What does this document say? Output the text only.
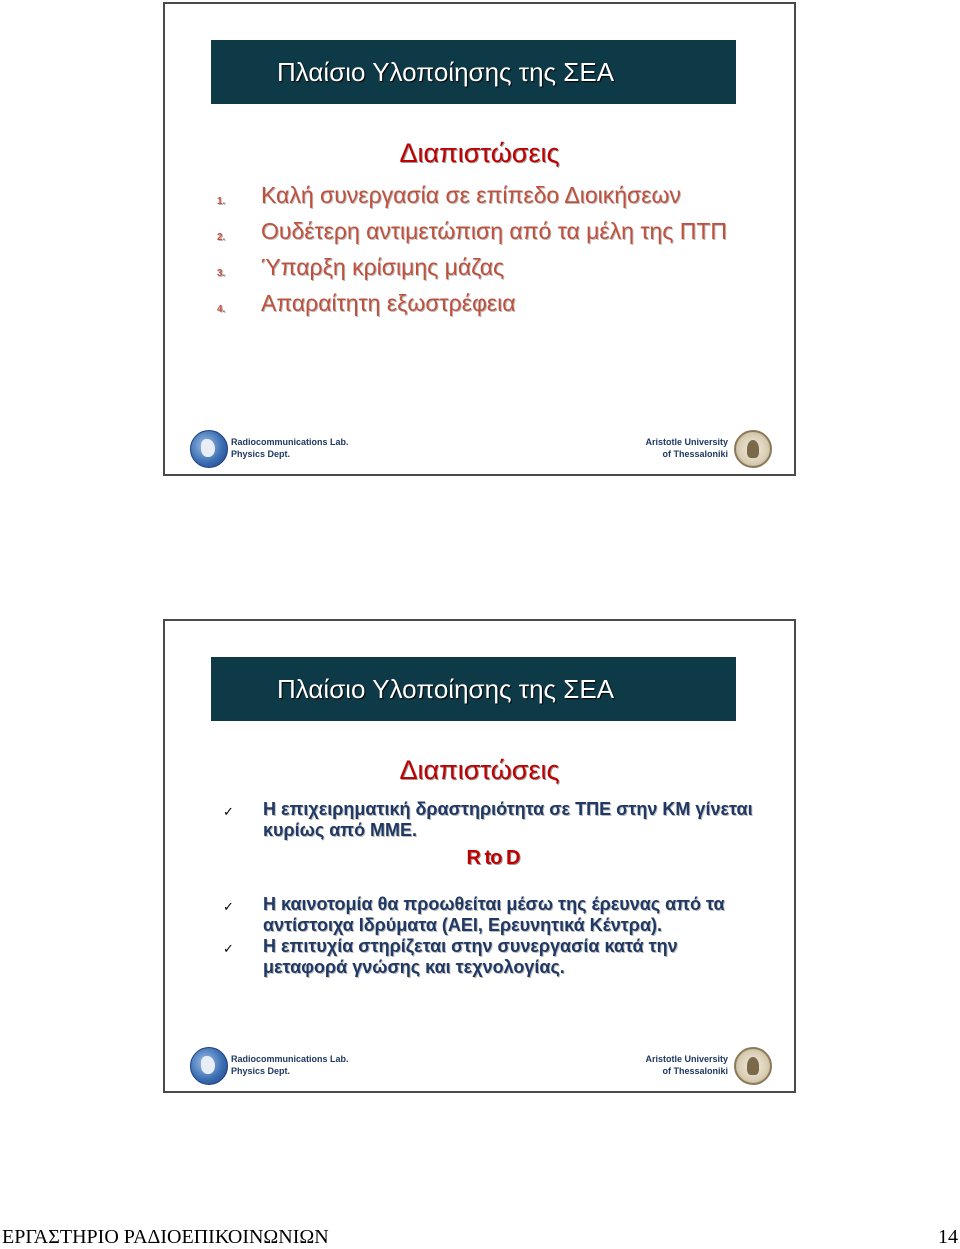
Πλαίσιο Υλοποίησης της ΣΕΑ
Διαπιστώσεις
1. Καλή συνεργασία σε επίπεδο Διοικήσεων
2. Ουδέτερη αντιμετώπιση από τα μέλη της ΠΤΠ
3. Ύπαρξη κρίσιμης μάζας
4. Απαραίτητη εξωστρέφεια
Radiocommunications Lab.
Physics Dept.
Aristotle University
of Thessaloniki
Πλαίσιο Υλοποίησης της ΣΕΑ
Διαπιστώσεις
✓ Η επιχειρηματική δραστηριότητα σε ΤΠΕ στην ΚΜ γίνεται κυρίως από ΜΜΕ.
R to D
✓ Η καινοτομία θα προωθείται μέσω της έρευνας από τα αντίστοιχα Ιδρύματα (ΑΕΙ, Ερευνητικά Κέντρα).
✓ Η επιτυχία στηρίζεται στην συνεργασία κατά την μεταφορά γνώσης και τεχνολογίας.
Radiocommunications Lab.
Physics Dept.
Aristotle University
of Thessaloniki
ΕΡΓΑΣΤΗΡΙΟ ΡΑΔΙΟΕΠΙΚΟΙΝΩΝΙΩΝ	14
